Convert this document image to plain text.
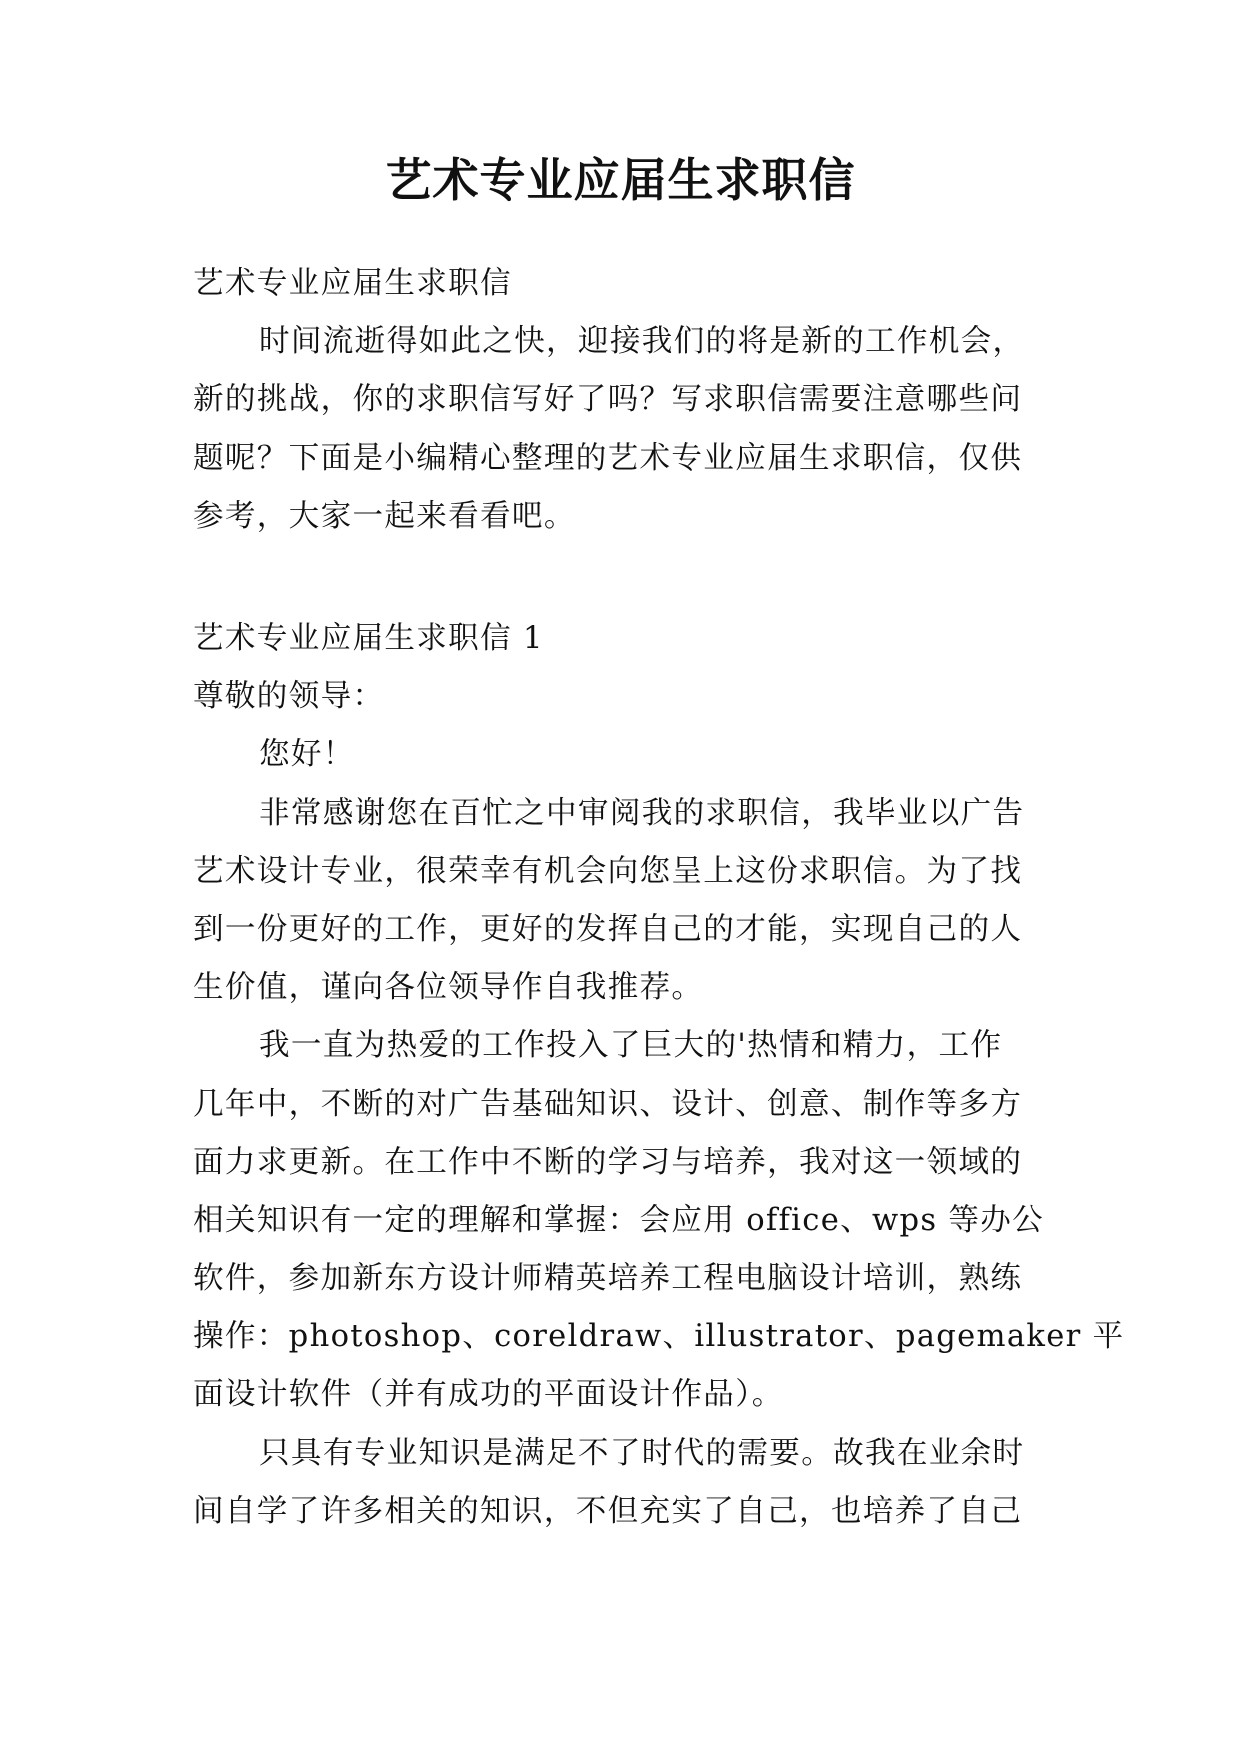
艺术专业应届生求职信
艺术专业应届生求职信
时间流逝得如此之快，迎接我们的将是新的工作机会，
新的挑战，你的求职信写好了吗？写求职信需要注意哪些问
题呢？下面是小编精心整理的艺术专业应届生求职信，仅供
参考，大家一起来看看吧。
艺术专业应届生求职信 1
尊敬的领导：
您好！
非常感谢您在百忙之中审阅我的求职信，我毕业以广告
艺术设计专业，很荣幸有机会向您呈上这份求职信。为了找
到一份更好的工作，更好的发挥自己的才能，实现自己的人
生价值，谨向各位领导作自我推荐。
我一直为热爱的工作投入了巨大的'热情和精力，工作
几年中，不断的对广告基础知识、设计、创意、制作等多方
面力求更新。在工作中不断的学习与培养，我对这一领域的
相关知识有一定的理解和掌握：会应用 office、wps 等办公
软件，参加新东方设计师精英培养工程电脑设计培训，熟练
操作：photoshop、coreldraw、illustrator、pagemaker 平
面设计软件（并有成功的平面设计作品）。
只具有专业知识是满足不了时代的需要。故我在业余时
间自学了许多相关的知识，不但充实了自己，也培养了自己
